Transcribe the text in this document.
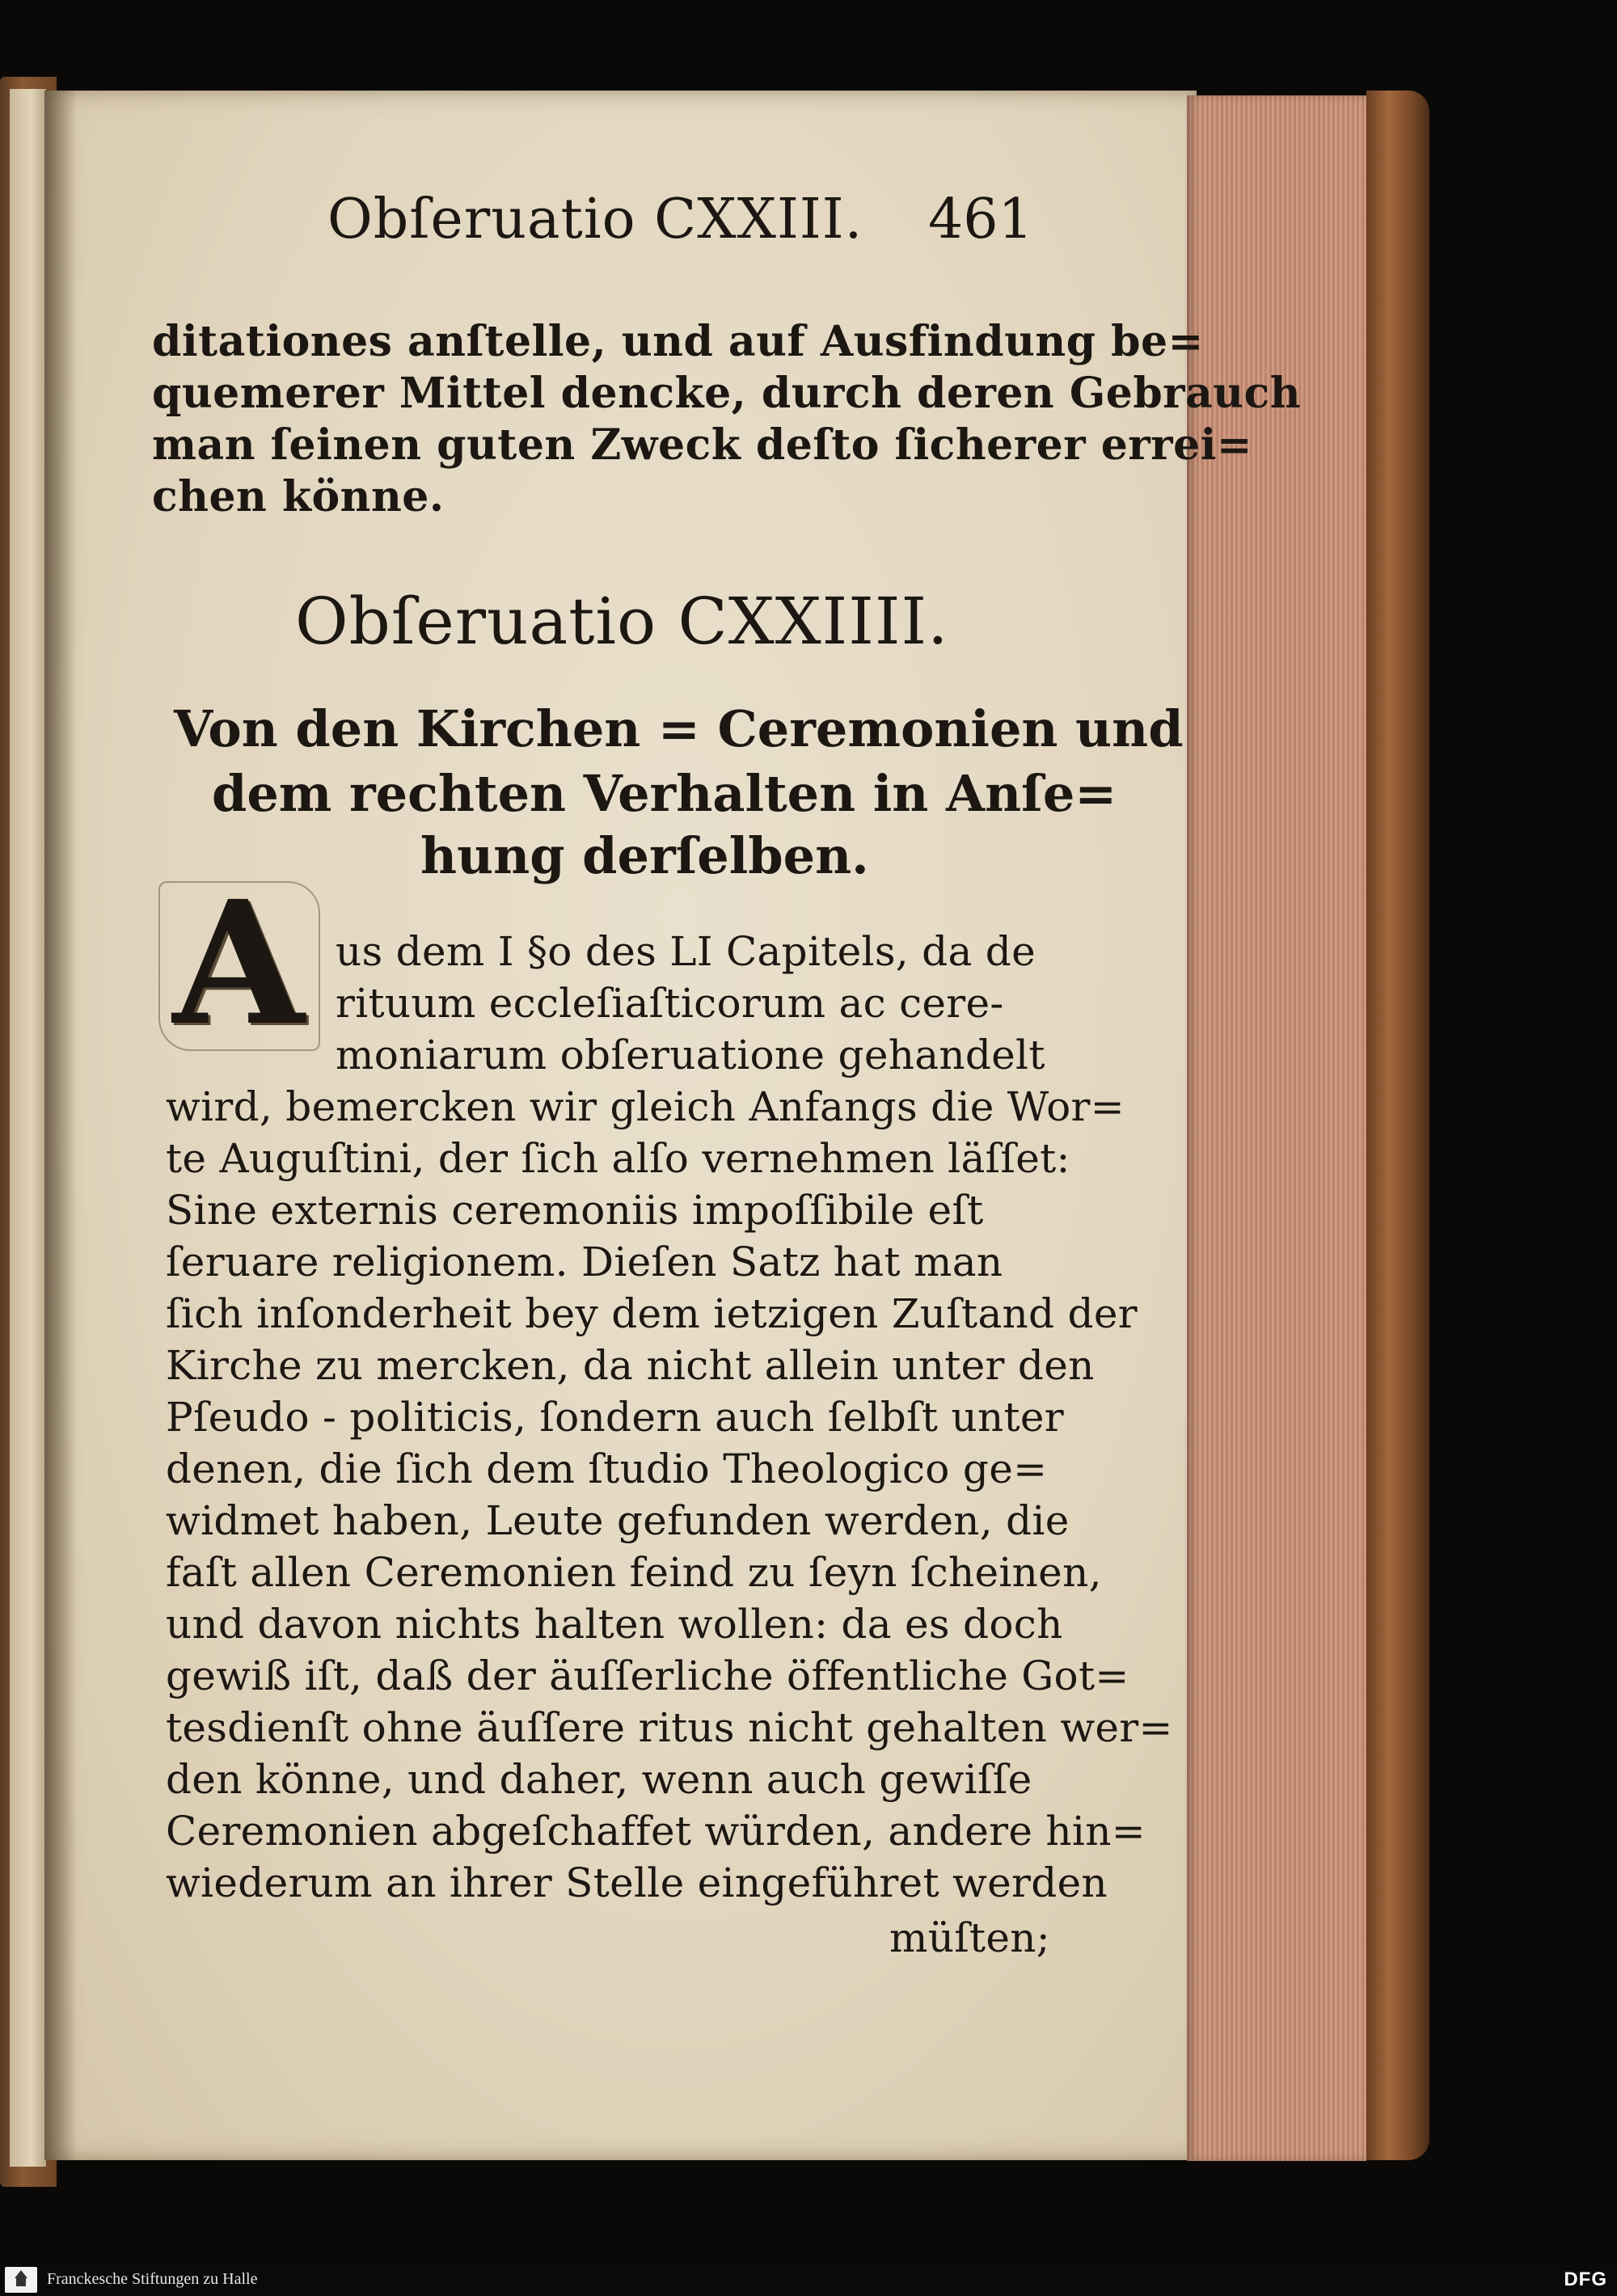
Obſeruatio CXXIII. 461
ditationes anſtelle, und auf Ausfindung be=
quemerer Mittel dencke, durch deren Gebrauch
man ſeinen guten Zweck deſto ſicherer errei=
chen könne.
Obſeruatio CXXIIII.
Von den Kirchen = Ceremonien und
dem rechten Verhalten in Anſe=
hung derſelben.
A us dem I §o des LI Capitels, da de
rituum eccleſiaſticorum ac cere-
moniarum obſeruatione gehandelt
wird, bemercken wir gleich Anfangs die Wor=
te Auguſtini, der ſich alſo vernehmen läſſet:
Sine externis ceremoniis impoſſibile eſt
ſeruare religionem. Dieſen Satz hat man
ſich inſonderheit bey dem ietzigen Zuſtand der
Kirche zu mercken, da nicht allein unter den
Pſeudo - politicis, ſondern auch ſelbſt unter
denen, die ſich dem ſtudio Theologico ge=
widmet haben, Leute gefunden werden, die
faſt allen Ceremonien feind zu ſeyn ſcheinen,
und davon nichts halten wollen: da es doch
gewiß iſt, daß der äuſſerliche öffentliche Got=
tesdienſt ohne äuſſere ritus nicht gehalten wer=
den könne, und daher, wenn auch gewiſſe
Ceremonien abgeſchaffet würden, andere hin=
wiederum an ihrer Stelle eingeführet werden
müſten;
Franckesche Stiftungen zu Halle	DFG
